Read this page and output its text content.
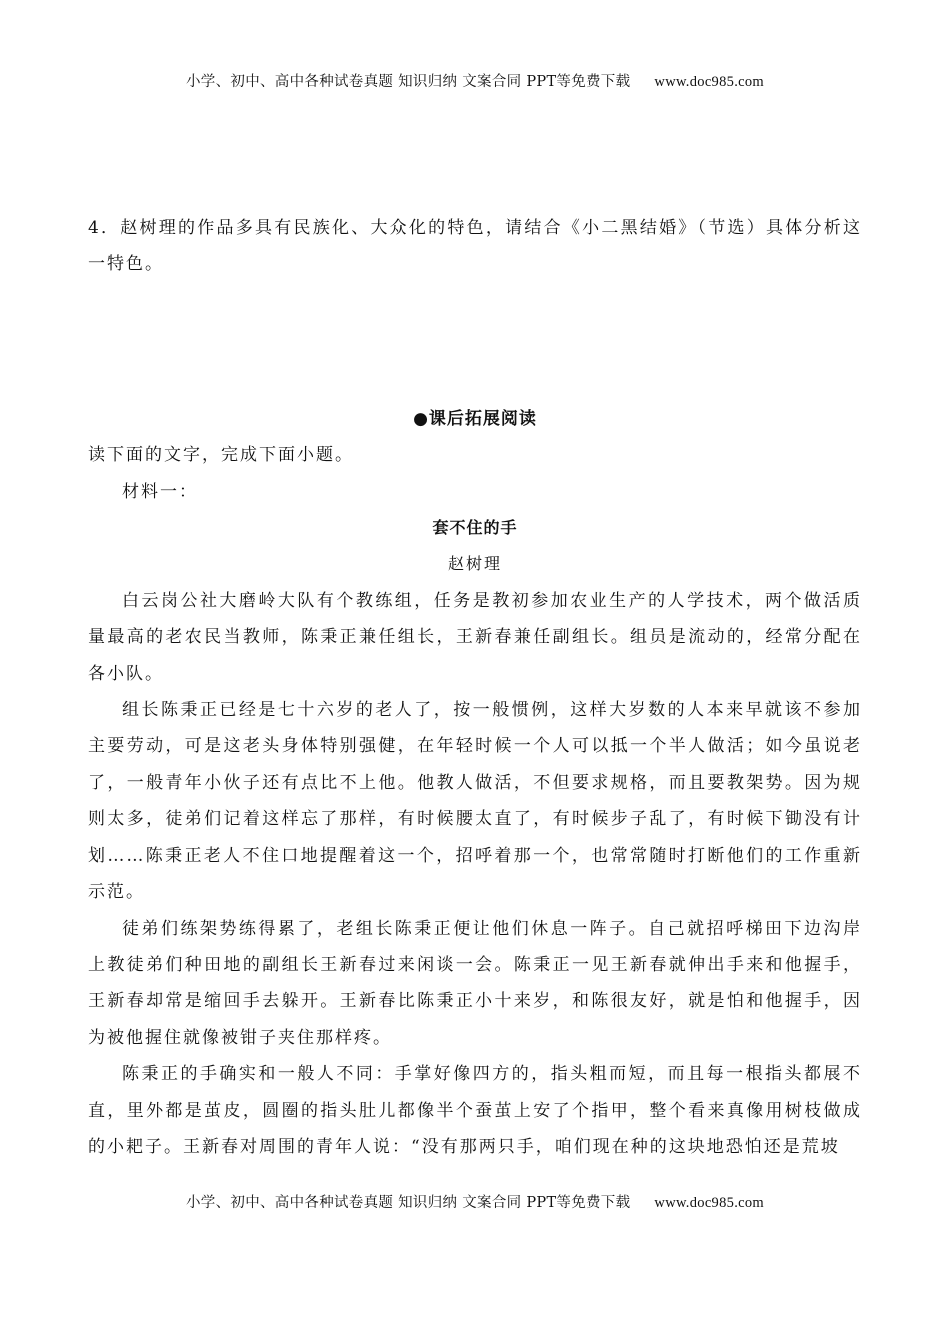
小学、初中、高中各种试卷真题 知识归纳 文案合同 PPT等免费下载 www.doc985.com

4．赵树理的作品多具有民族化、大众化的特色，请结合《小二黑结婚》（节选）具体分析这一特色。

●课后拓展阅读

读下面的文字，完成下面小题。

材料一：

套不住的手

赵树理

白云岗公社大磨岭大队有个教练组，任务是教初参加农业生产的人学技术，两个做活质量最高的老农民当教师，陈秉正兼任组长，王新春兼任副组长。组员是流动的，经常分配在各小队。

组长陈秉正已经是七十六岁的老人了，按一般惯例，这样大岁数的人本来早就该不参加主要劳动，可是这老头身体特别强健，在年轻时候一个人可以抵一个半人做活；如今虽说老了，一般青年小伙子还有点比不上他。他教人做活，不但要求规格，而且要教架势。因为规则太多，徒弟们记着这样忘了那样，有时候腰太直了，有时候步子乱了，有时候下锄没有计划……陈秉正老人不住口地提醒着这一个，招呼着那一个，也常常随时打断他们的工作重新示范。

徒弟们练架势练得累了，老组长陈秉正便让他们休息一阵子。自己就招呼梯田下边沟岸上教徒弟们种田地的副组长王新春过来闲谈一会。陈秉正一见王新春就伸出手来和他握手，王新春却常是缩回手去躲开。王新春比陈秉正小十来岁，和陈很友好，就是怕和他握手，因为被他握住就像被钳子夹住那样疼。

陈秉正的手确实和一般人不同：手掌好像四方的，指头粗而短，而且每一根指头都展不直，里外都是茧皮，圆圈的指头肚儿都像半个蚕茧上安了个指甲，整个看来真像用树枝做成的小耙子。王新春对周围的青年人说：“没有那两只手，咱们现在种的这块地恐怕还是荒坡

小学、初中、高中各种试卷真题 知识归纳 文案合同 PPT等免费下载 www.doc985.com
